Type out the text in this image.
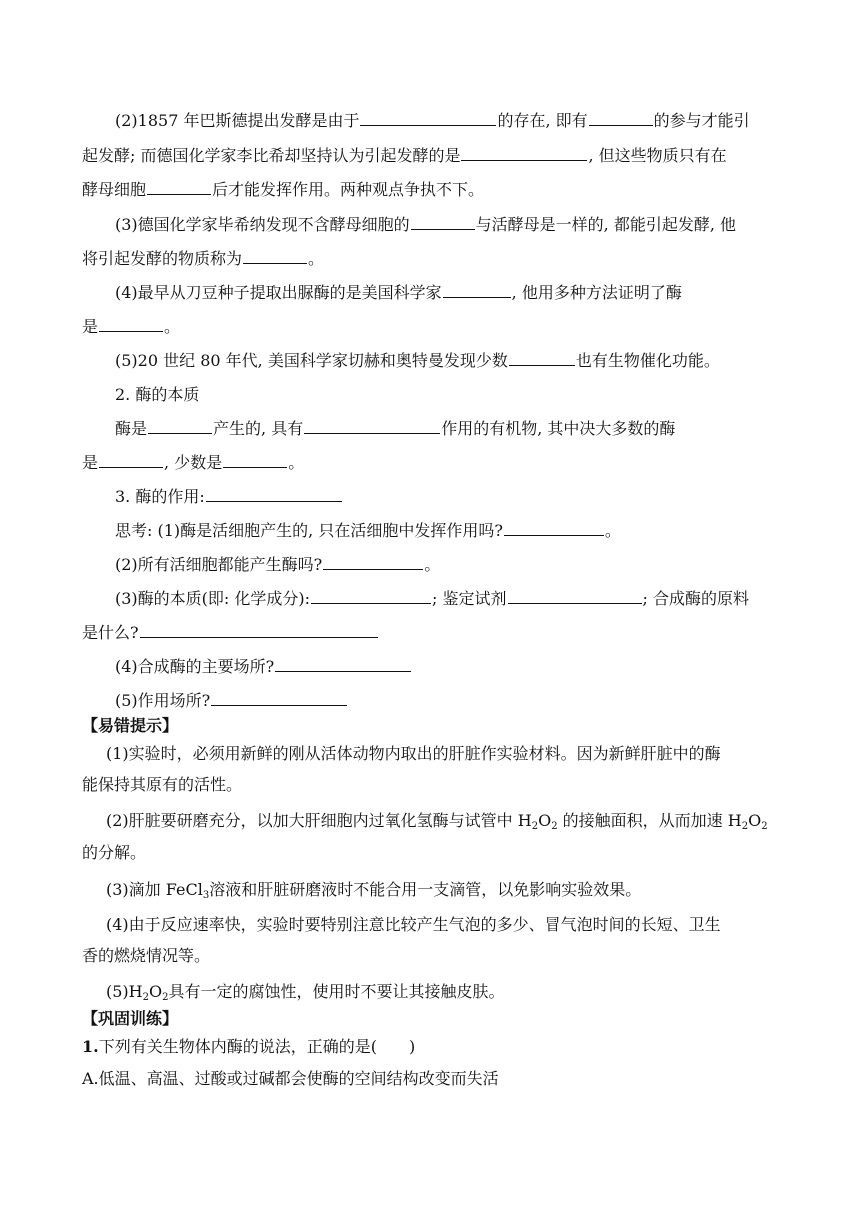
(2)1857 年巴斯德提出发酵是由于	的存在, 即有	的参与才能引
起发酵; 而德国化学家李比希却坚持认为引起发酵的是	, 但这些物质只有在
酵母细胞	后才能发挥作用。两种观点争执不下。
(3)德国化学家毕希纳发现不含酵母细胞的	与活酵母是一样的, 都能引起发酵, 他
将引起发酵的物质称为	。
(4)最早从刀豆种子提取出脲酶的是美国科学家	, 他用多种方法证明了酶
是	。
(5)20 世纪 80 年代, 美国科学家切赫和奥特曼发现少数	也有生物催化功能。
2. 酶的本质
酶是	产生的, 具有	作用的有机物, 其中决大多数的酶
是	, 少数是	。
3. 酶的作用:
思考: (1)酶是活细胞产生的, 只在活细胞中发挥作用吗?	。
(2)所有活细胞都能产生酶吗?	。
(3)酶的本质(即: 化学成分):	; 鉴定试剂	; 合成酶的原料
是什么?
(4)合成酶的主要场所?
(5)作用场所?
【易错提示】
(1)实验时，必须用新鲜的刚从活体动物内取出的肝脏作实验材料。因为新鲜肝脏中的酶
能保持其原有的活性。
(2)肝脏要研磨充分，以加大肝细胞内过氧化氢酶与试管中 $H_2O_2$ 的接触面积，从而加速 $H_2O_2$
的分解。
(3)滴加 FeCl$_3$溶液和肝脏研磨液时不能合用一支滴管，以免影响实验效果。
(4)由于反应速率快，实验时要特别注意比较产生气泡的多少、冒气泡时间的长短、卫生
香的燃烧情况等。
$(5)H_2O_2$具有一定的腐蚀性，使用时不要让其接触皮肤。
【巩固训练】
1.下列有关生物体内酶的说法，正确的是(　　)
A.低温、高温、过酸或过碱都会使酶的空间结构改变而失活
